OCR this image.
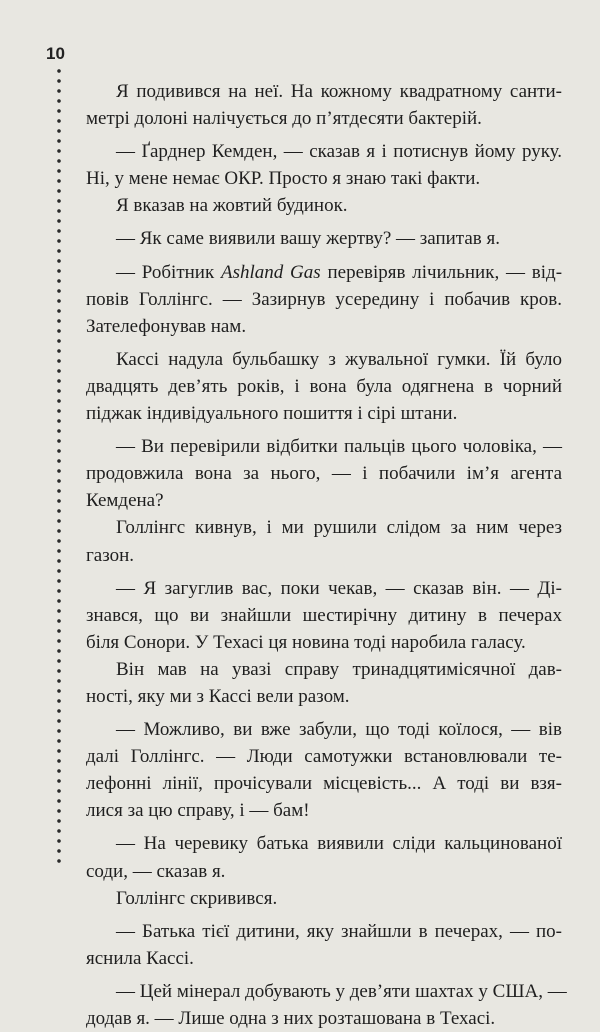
10

Я подивився на неї. На кожному квадратному санти-

метрі долоні налічується до п’ятдесяти бактерій.

— Ґарднер Кемден, — сказав я і потиснув йому руку.

Ні, у мене немає ОКР. Просто я знаю такі факти.

Я вказав на жовтий будинок.

— Як саме виявили вашу жертву? — запитав я.

— Робітник Ashland Gas перевіряв лічильник, — від-

повів Голлінгс. — Зазирнув усередину і побачив кров.

Зателефонував нам.

Кассі надула бульбашку з жувальної гумки. Їй було

двадцять дев’ять років, і вона була одягнена в чорний

піджак індивідуального пошиття і сірі штани.

— Ви перевірили відбитки пальців цього чоловіка, —

продовжила вона за нього, — і побачили ім’я агента

Кемдена?

Голлінгс кивнув, і ми рушили слідом за ним через

газон.

— Я загуглив вас, поки чекав, — сказав він. — Ді-

знався, що ви знайшли шестирічну дитину в печерах

біля Сонори. У Техасі ця новина тоді наробила галасу.

Він мав на увазі справу тринадцятимісячної дав-

ності, яку ми з Кассі вели разом.

— Можливо, ви вже забули, що тоді коїлося, — вів

далі Голлінгс. — Люди самотужки встановлювали те-

лефонні лінії, прочісували місцевість... А тоді ви взя-

лися за цю справу, і — бам!

— На черевику батька виявили сліди кальцинованої

соди, — сказав я.

Голлінгс скривився.

— Батька тієї дитини, яку знайшли в печерах, — по-

яснила Кассі.

— Цей мінерал добувають у дев’яти шахтах у США, —

додав я. — Лише одна з них розташована в Техасі.
